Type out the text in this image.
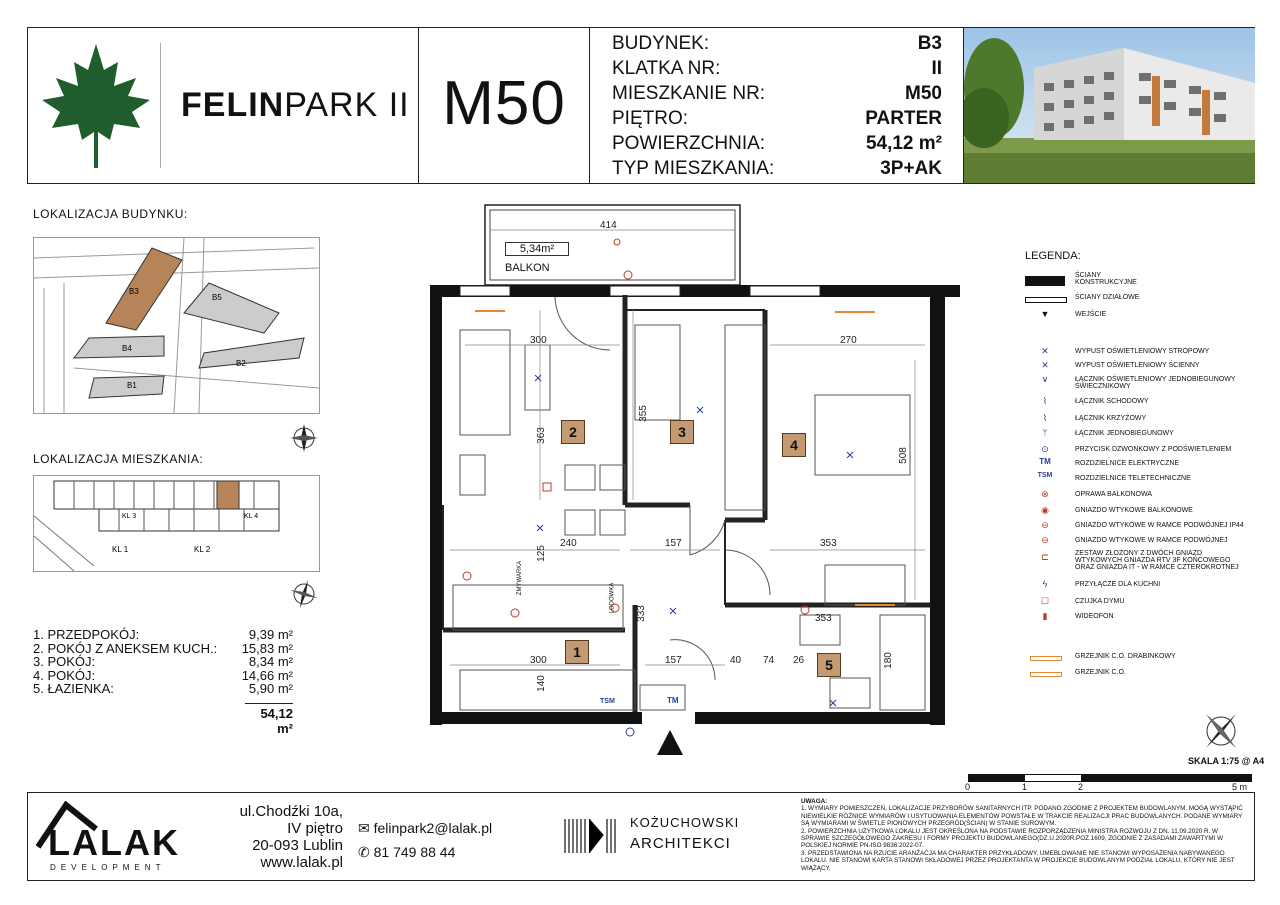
FELINPARK II M50
BUDYNEK:	B3
KLATKA NR:	II
MIESZKANIE NR:	M50
PIĘTRO:	PARTER
POWIERZCHNIA:	54,12 m²
TYP MIESZKANIA:	3P+AK
LOKALIZACJA BUDYNKU:
B3
B5
B4
B2
B1
LOKALIZACJA MIESZKANIA:
KL 3	KL 4
KL 1	KL 2
1. PRZEDPOKÓJ:	9,39 m²
2. POKÓJ Z ANEKSEM KUCH.: 15,83 m²
3. POKÓJ:	8,34 m²
4. POKÓJ:	14,66 m²
5. ŁAZIENKA:	5,90 m²
54,12 m²
5,34m²
BALKON
414
300	270
363
355
508
240	157	353
125
333
300	157
140
180
40 74 26
353
ZMYWARKA
LODÓWKA
TM
TSM
2	3
4
1
5
LEGENDA:
ŚCIANY KONSTRUKCYJNE
ŚCIANY DZIAŁOWE
▼	WEJŚCIE
✕	WYPUST OŚWIETLENIOWY STROPOWY
✕	WYPUST OŚWIETLENIOWY ŚCIENNY
∨	ŁĄCZNIK OŚWIETLENIOWY JEDNOBIEGUNOWY ŚWIECZNIKOWY
⌇	ŁĄCZNIK SCHODOWY
⌇	ŁĄCZNIK KRZYŻOWY
ᛘ	ŁĄCZNIK JEDNOBIEGUNOWY
⊙	PRZYCISK DZWONKOWY Z PODŚWIETLENIEM
TM	ROZDZIELNICE ELEKTRYCZNE
TSM	ROZDZIELNICE TELETECHNICZNE
⊗	OPRAWA BALKONOWA
◉	GNIAZDO WTYKOWE BALKONOWE
⊖	GNIAZDO WTYKOWE W RAMCE PODWÓJNEJ IP44
⊖	GNIAZDO WTYKOWE W RAMCE PODWÓJNEJ
⊏	ZESTAW ZŁOŻONY Z DWÓCH GNIAZD WTYKOWYCH GNIAZDA RTV 3F KOŃCOWEGO ORAZ GNIAZDA IT - W RAMCE CZTEROKROTNEJ
ϟ	PRZYŁĄCZE DLA KUCHNI
☐	CZUJKA DYMU
▮	WIDEOFON
GRZEJNIK C.O. DRABINKOWY
GRZEJNIK C.O.
SKALA 1:75 @ A4
0	1	2	5 m
LALAK
DEVELOPMENT
ul.Chodźki 10a,
IV piętro
20-093 Lublin
www.lalak.pl
✉ felinpark2@lalak.pl
✆ 81 749 88 44
KOŻUCHOWSKI
ARCHITEKCI
UWAGA:
1. WYMIARY POMIESZCZEŃ, LOKALIZACJE PRZYBORÓW SANITARNYCH ITP. PODANO ZGODNIE Z PROJEKTEM BUDOWLANYM. MOGĄ WYSTĄPIĆ NIEWIELKIE RÓŻNICE WYMIARÓW I USYTUOWANIA ELEMENTÓW POWSTAŁE W TRAKCIE REALIZACJI PRAC BUDOWLANYCH. PODANE WYMIARY SĄ WYMIARAMI W ŚWIETLE PIONOWYCH PRZEGRÓD(ŚCIAN) W STANIE SUROWYM.
2. POWIERZCHNIA UŻYTKOWA LOKALU JEST OKREŚLONA NA PODSTAWIE ROZPORZĄDZENIA MINISTRA ROZWOJU Z DN. 11.09.2020 R. W SPRAWIE SZCZEGÓŁOWEGO ZAKRESU I FORMY PROJEKTU BUDOWLANEGO(DZ.U.2020R.POZ.1609, ZGODNIE Z ZASADAMI ZAWARTYMI W POLSKIEJ NORMIE PN-ISO 9836:2022-07.
3. PRZEDSTAWIONA NA RZUCIE ARANŻACJA MA CHARAKTER PRZYKŁADOWY. UMEBLOWANIE NIE STANOWI WYPOSAŻENIA NABYWANEGO LOKALU. NIE STANOWI KARTA STANOWI SKŁADOWEJ PRZEZ PROJEKTANTA W PROJEKCIE BUDOWLANYM PODZIAŁ LOKALU, KTÓRY NIE JEST WIĄŻĄCY.
